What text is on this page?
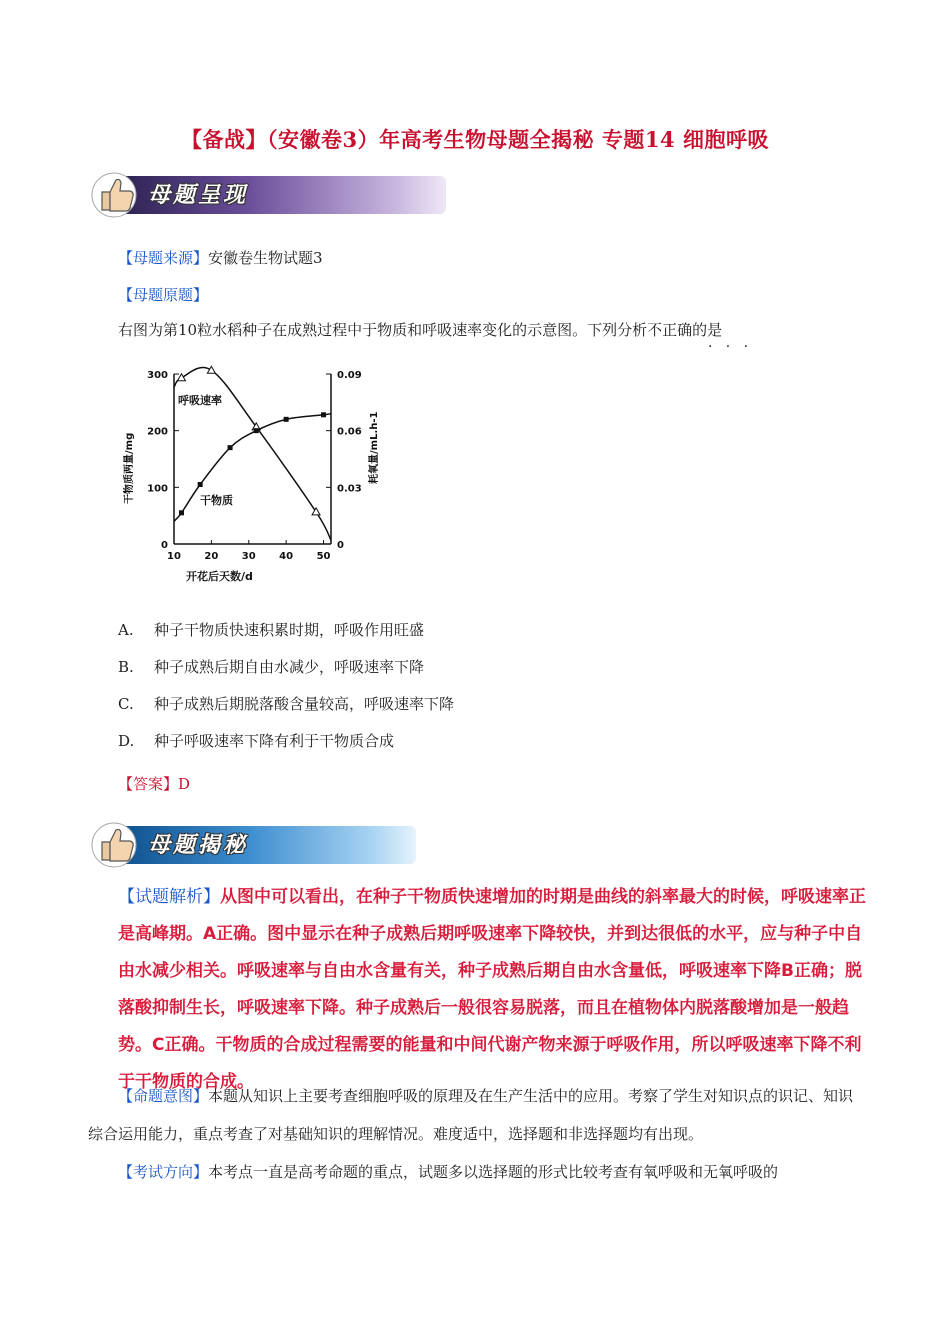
【备战】（安徽卷3）年高考生物母题全揭秘 专题14 细胞呼吸
母题呈现
【母题来源】安徽卷生物试题3
【母题原题】
右图为第10粒水稻种子在成熟过程中于物质和呼吸速率变化的示意图。下列分析不正确的是
·   ·   ·
0
100
200
300
0
0.03
0.06
0.09
10 20 30 40 50
开花后天数/d
干物质两量/mg	耗氧量/mL.h-1
呼吸速率
干物质
A. 种子干物质快速积累时期，呼吸作用旺盛
B. 种子成熟后期自由水减少，呼吸速率下降
C. 种子成熟后期脱落酸含量较高，呼吸速率下降
D. 种子呼吸速率下降有利于干物质合成
【答案】D
母题揭秘
【试题解析】从图中可以看出，在种子干物质快速增加的时期是曲线的斜率最大的时候，呼吸速率正是高峰期。A正确。图中显示在种子成熟后期呼吸速率下降较快，并到达很低的水平，应与种子中自由水减少相关。呼吸速率与自由水含量有关，种子成熟后期自由水含量低，呼吸速率下降B正确；脱落酸抑制生长，呼吸速率下降。种子成熟后一般很容易脱落，而且在植物体内脱落酸增加是一般趋势。C正确。干物质的合成过程需要的能量和中间代谢产物来源于呼吸作用，所以呼吸速率下降不利于干物质的合成。
【命题意图】本题从知识上主要考查细胞呼吸的原理及在生产生活中的应用。考察了学生对知识点的识记、知识综合运用能力，重点考查了对基础知识的理解情况。难度适中，选择题和非选择题均有出现。
【考试方向】本考点一直是高考命题的重点，试题多以选择题的形式比较考查有氧呼吸和无氧呼吸的
